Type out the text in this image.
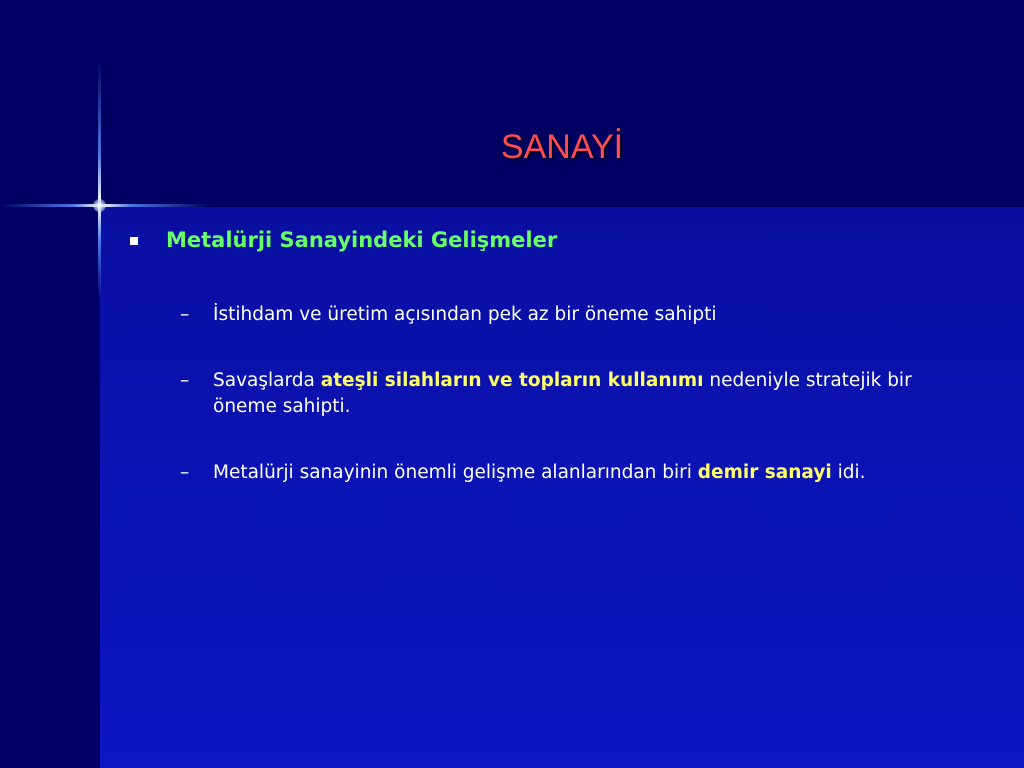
SANAYİ
Metalürji Sanayindeki Gelişmeler
–	İstihdam ve üretim açısından pek az bir öneme sahipti
–	Savaşlarda ateşli silahların ve topların kullanımı nedeniyle stratejik bir öneme sahipti.
–	Metalürji sanayinin önemli gelişme alanlarından biri demir sanayi idi.
